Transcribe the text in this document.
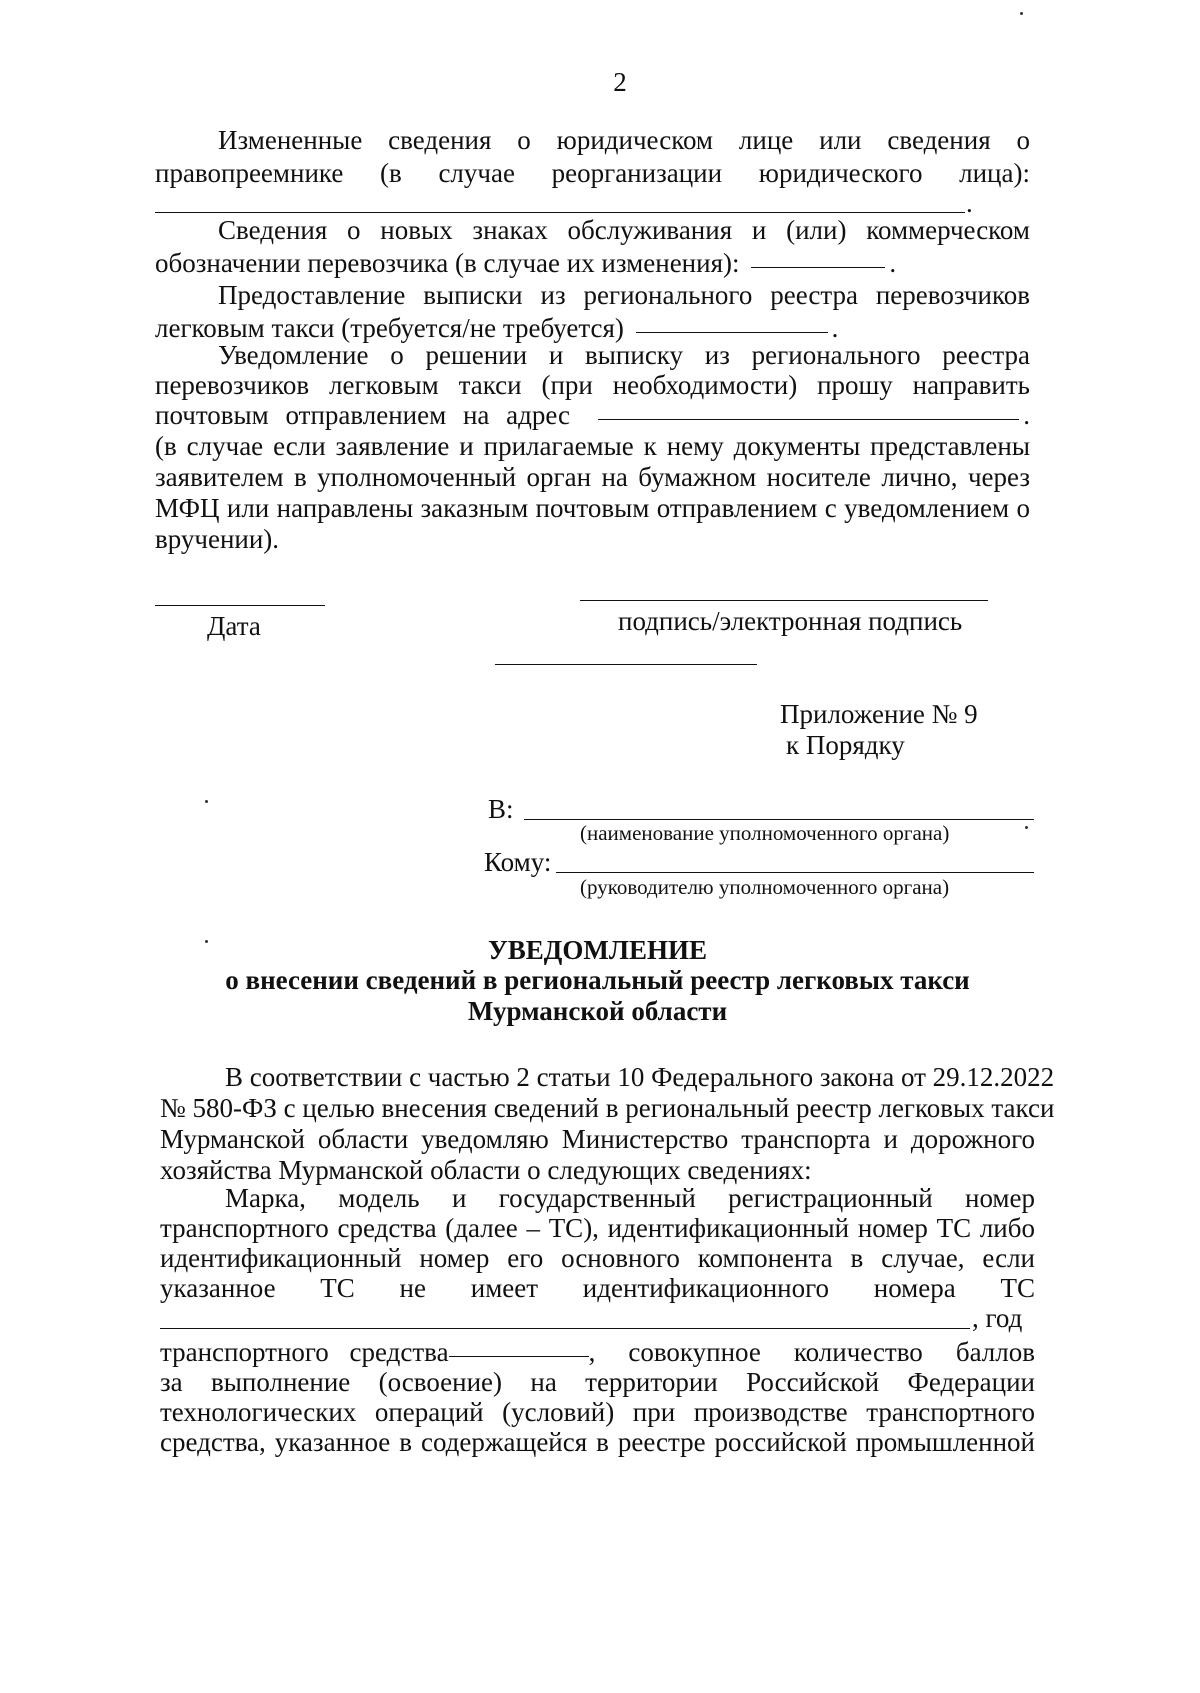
2
Измененные сведения о юридическом лице или сведения о
правопреемнике (в случае реорганизации юридического лица):
.
Сведения о новых знаках обслуживания и (или) коммерческом
обозначении перевозчика (в случае их изменения):	.
Предоставление выписки из регионального реестра перевозчиков
легковым такси (требуется/не требуется)	.
Уведомление о решении и выписку из регионального реестра
перевозчиков легковым такси (при необходимости) прошу направить
почтовым отправлением на адрес	.
(в случае если заявление и прилагаемые к нему документы представлены
заявителем в уполномоченный орган на бумажном носителе лично, через
МФЦ или направлены заказным почтовым отправлением с уведомлением о
вручении).
Дата	подпись/электронная подпись
Приложение № 9
к Порядку
В:
(наименование уполномоченного органа)
Кому:
(руководителю уполномоченного органа)
УВЕДОМЛЕНИЕ
о внесении сведений в региональный реестр легковых такси
Мурманской области
В соответствии с частью 2 статьи 10 Федерального закона от 29.12.2022
№ 580-ФЗ с целью внесения сведений в региональный реестр легковых такси
Мурманской области уведомляю Министерство транспорта и дорожного
хозяйства Мурманской области о следующих сведениях:
Марка, модель и государственный регистрационный номер
транспортного средства (далее – ТС), идентификационный номер ТС либо
идентификационный номер его основного компонента в случае, если
указанное ТС не имеет идентификационного номера ТС
, год
транспортного средства	, совокупное количество баллов
за выполнение (освоение) на территории Российской Федерации
технологических операций (условий) при производстве транспортного
средства, указанное в содержащейся в реестре российской промышленной
